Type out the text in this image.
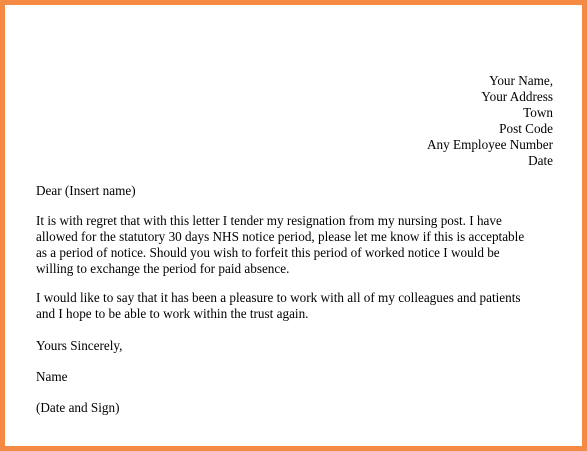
Your Name,
Your Address
Town
Post Code
Any Employee Number
Date

Dear (Insert name)

It is with regret that with this letter I tender my resignation from my nursing post. I have
allowed for the statutory 30 days NHS notice period, please let me know if this is acceptable
as a period of notice. Should you wish to forfeit this period of worked notice I would be
willing to exchange the period for paid absence.

I would like to say that it has been a pleasure to work with all of my colleagues and patients
and I hope to be able to work within the trust again.

Yours Sincerely,

Name

(Date and Sign)
